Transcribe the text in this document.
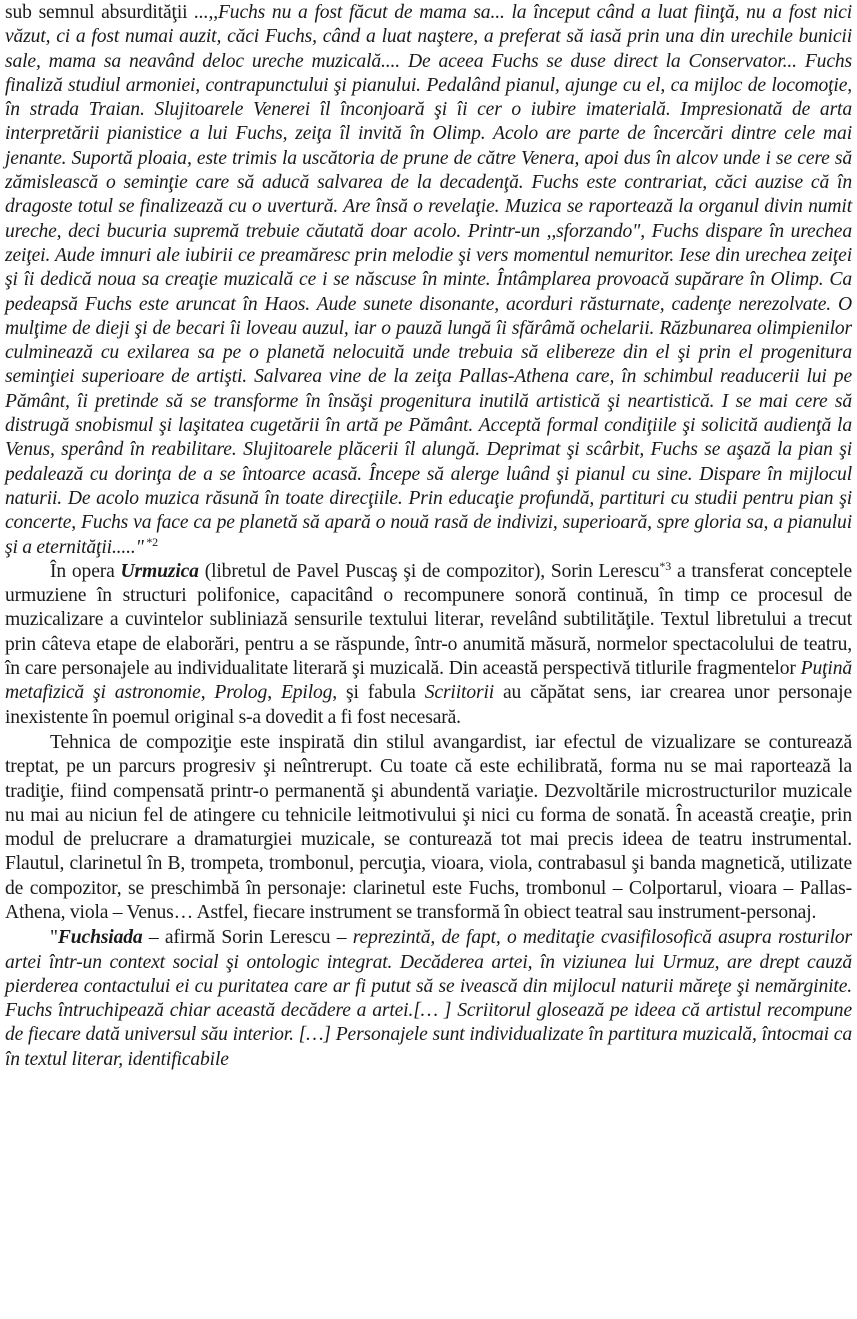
sub semnul absurdităţii ...,,Fuchs nu a fost făcut de mama sa... la început când a luat fiinţă, nu a fost nici văzut, ci a fost numai auzit, căci Fuchs, când a luat naştere, a preferat să iasă prin una din urechile bunicii sale, mama sa neavând deloc ureche muzicală.... De aceea Fuchs se duse direct la Conservator... Fuchs finaliză studiul armoniei, contrapunctului şi pianului. Pedalând pianul, ajunge cu el, ca mijloc de locomoţie, în strada Traian. Slujitoarele Venerei îl înconjoară şi îi cer o iubire imaterială. Impresionată de arta interpretării pianistice a lui Fuchs, zeiţa îl invită în Olimp. Acolo are parte de încercări dintre cele mai jenante. Suportă ploaia, este trimis la uscătoria de prune de către Venera, apoi dus în alcov unde i se cere să zămislească o seminţie care să aducă salvarea de la decadenţă. Fuchs este contrariat, căci auzise că în dragoste totul se finalizează cu o uvertură. Are însă o revelaţie. Muzica se raportează la organul divin numit ureche, deci bucuria supremă trebuie căutată doar acolo. Printr-un ,,sforzando", Fuchs dispare în urechea zeiţei. Aude imnuri ale iubirii ce preamăresc prin melodie şi vers momentul nemuritor. Iese din urechea zeiţei şi îi dedică noua sa creaţie muzicală ce i se născuse în minte. Întâmplarea provoacă supărare în Olimp. Ca pedeapsă Fuchs este aruncat în Haos. Aude sunete disonante, acorduri răsturnate, cadenţe nerezolvate. O mulţime de dieji şi de becari îi loveau auzul, iar o pauză lungă îi sfărâmă ochelarii. Răzbunarea olimpienilor culminează cu exilarea sa pe o planetă nelocuită unde trebuia să elibereze din el şi prin el progenitura seminţiei superioare de artişti. Salvarea vine de la zeiţa Pallas-Athena care, în schimbul readucerii lui pe Pământ, îi pretinde să se transforme în însăşi progenitura inutilă artistică şi neartistică. I se mai cere să distrugă snobismul şi laşitatea cugetării în artă pe Pământ. Acceptă formal condiţiile şi solicită audienţă la Venus, sperând în reabilitare. Slujitoarele plăcerii îl alungă. Deprimat şi scârbit, Fuchs se aşază la pian şi pedalează cu dorinţa de a se întoarce acasă. Începe să alerge luând şi pianul cu sine. Dispare în mijlocul naturii. De acolo muzica răsună în toate direcţiile. Prin educaţie profundă, partituri cu studii pentru pian şi concerte, Fuchs va face ca pe planetă să apară o nouă rasă de indivizi, superioară, spre gloria sa, a pianului şi a eternităţii....." $^{*2}$

În opera Urmuzica (libretul de Pavel Puscaş şi de compozitor), Sorin Lerescu$^{*3}$ a transferat conceptele urmuziene în structuri polifonice, capacitând o recompunere sonoră continuă, în timp ce procesul de muzicalizare a cuvintelor subliniază sensurile textului literar, revelând subtilităţile. Textul libretului a trecut prin câteva etape de elaborări, pentru a se răspunde, într-o anumită măsură, normelor spectacolului de teatru, în care personajele au individualitate literară şi muzicală. Din această perspectivă titlurile fragmentelor Puţină metafizică şi astronomie, Prolog, Epilog, şi fabula Scriitorii au căpătat sens, iar crearea unor personaje inexistente în poemul original s-a dovedit a fi fost necesară.

Tehnica de compoziţie este inspirată din stilul avangardist, iar efectul de vizualizare se conturează treptat, pe un parcurs progresiv şi neîntrerupt. Cu toate că este echilibrată, forma nu se mai raportează la tradiţie, fiind compensată printr-o permanentă şi abundentă variaţie. Dezvoltările microstructurilor muzicale nu mai au niciun fel de atingere cu tehnicile leitmotivului şi nici cu forma de sonată. În această creaţie, prin modul de prelucrare a dramaturgiei muzicale, se conturează tot mai precis ideea de teatru instrumental. Flautul, clarinetul în B, trompeta, trombonul, percuţia, vioara, viola, contrabasul şi banda magnetică, utilizate de compozitor, se preschimbă în personaje: clarinetul este Fuchs, trombonul – Colportarul, vioara – Pallas-Athena, viola – Venus… Astfel, fiecare instrument se transformă în obiect teatral sau instrument-personaj.

"Fuchsiada – afirmă Sorin Lerescu – reprezintă, de fapt, o meditaţie cvasifilosofică asupra rosturilor artei într-un context social şi ontologic integrat. Decăderea artei, în viziunea lui Urmuz, are drept cauză pierderea contactului ei cu puritatea care ar fi putut să se ivească din mijlocul naturii măreţe şi nemărginite. Fuchs întruchipează chiar această decădere a artei.[… ] Scriitorul glosează pe ideea că artistul recompune de fiecare dată universul său interior. […] Personajele sunt individualizate în partitura muzicală, întocmai ca în textul literar, identificabile
